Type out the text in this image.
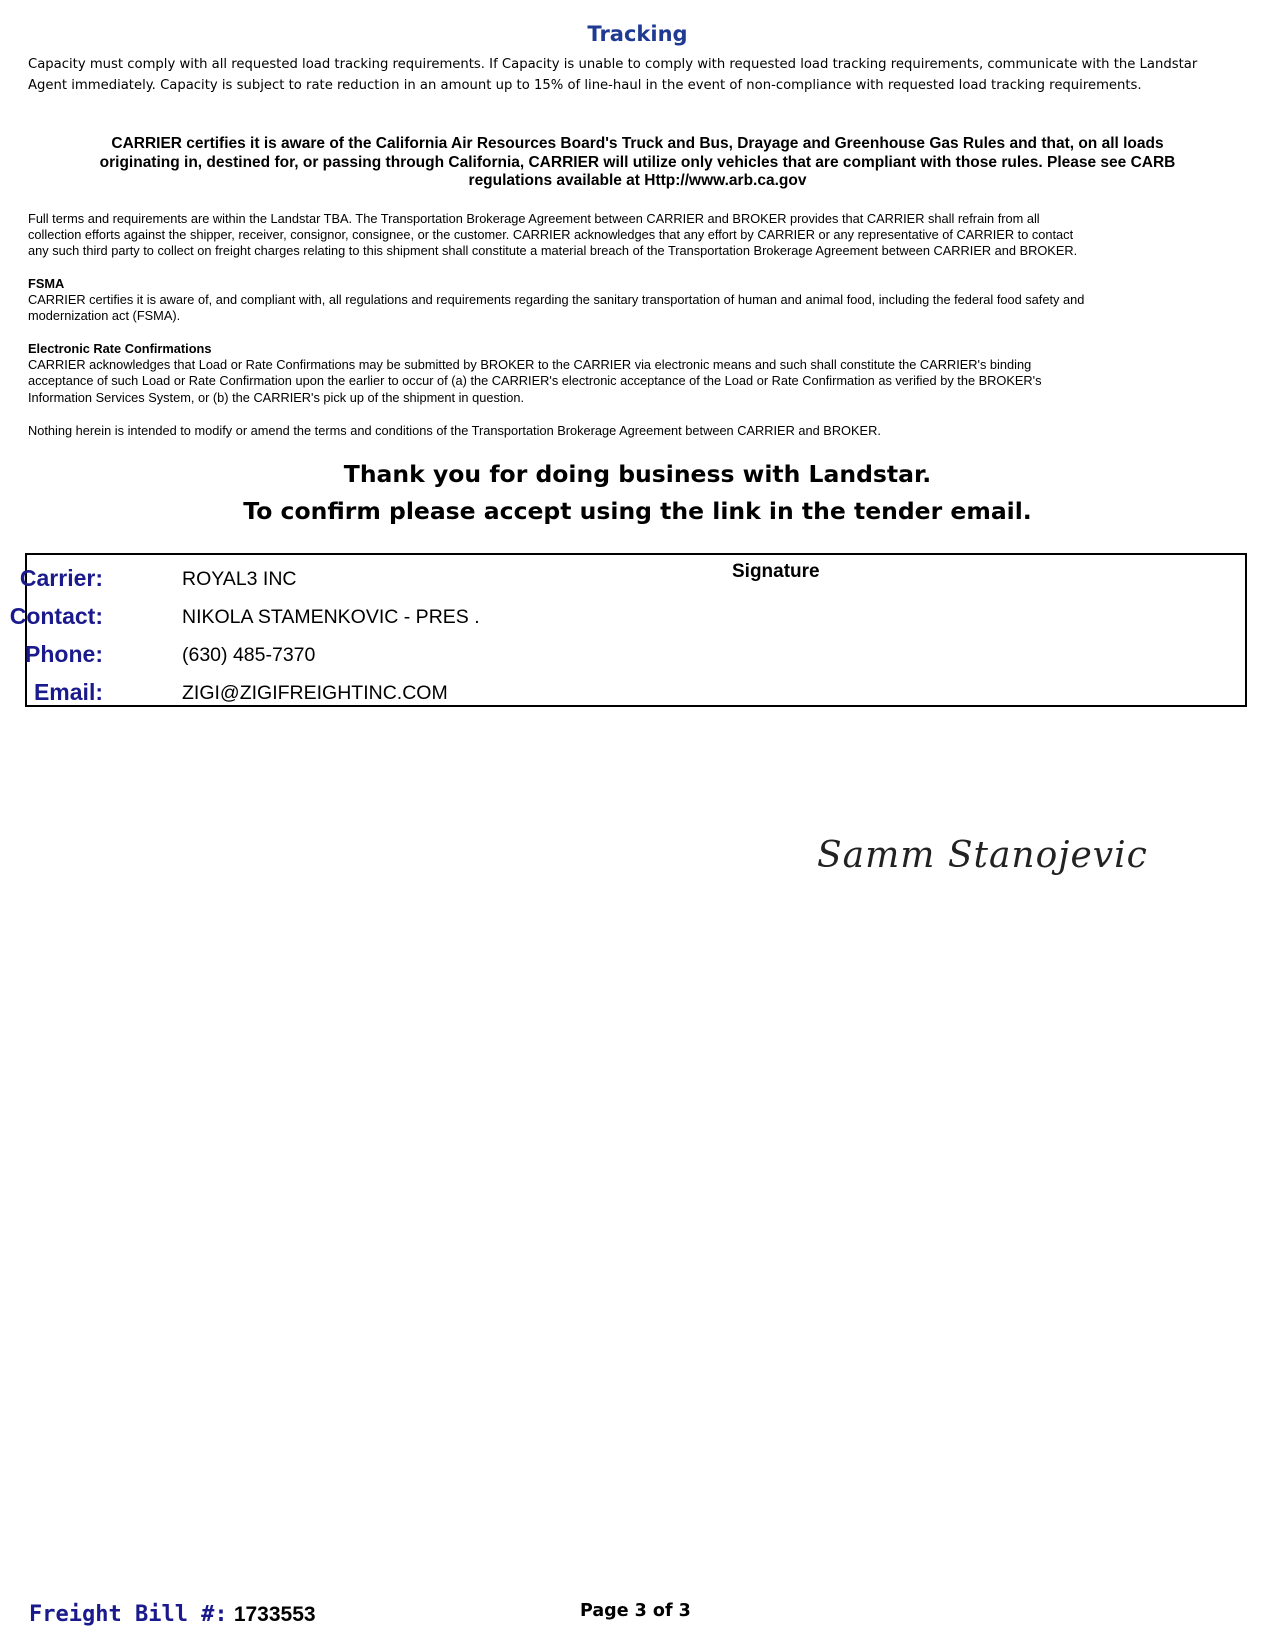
Tracking
Capacity must comply with all requested load tracking requirements. If Capacity is unable to comply with requested load tracking requirements, communicate with the Landstar
Agent immediately. Capacity is subject to rate reduction in an amount up to 15% of line-haul in the event of non-compliance with requested load tracking requirements.
CARRIER certifies it is aware of the California Air Resources Board's Truck and Bus, Drayage and Greenhouse Gas Rules and that, on all loads
originating in, destined for, or passing through California, CARRIER will utilize only vehicles that are compliant with those rules. Please see CARB
regulations available at Http://www.arb.ca.gov
Full terms and requirements are within the Landstar TBA. The Transportation Brokerage Agreement between CARRIER and BROKER provides that CARRIER shall refrain from all
collection efforts against the shipper, receiver, consignor, consignee, or the customer. CARRIER acknowledges that any effort by CARRIER or any representative of CARRIER to contact
any such third party to collect on freight charges relating to this shipment shall constitute a material breach of the Transportation Brokerage Agreement between CARRIER and BROKER.
FSMA
CARRIER certifies it is aware of, and compliant with, all regulations and requirements regarding the sanitary transportation of human and animal food, including the federal food safety and
modernization act (FSMA).
Electronic Rate Confirmations
CARRIER acknowledges that Load or Rate Confirmations may be submitted by BROKER to the CARRIER via electronic means and such shall constitute the CARRIER's binding
acceptance of such Load or Rate Confirmation upon the earlier to occur of (a) the CARRIER's electronic acceptance of the Load or Rate Confirmation as verified by the BROKER's
Information Services System, or (b) the CARRIER's pick up of the shipment in question.
Nothing herein is intended to modify or amend the terms and conditions of the Transportation Brokerage Agreement between CARRIER and BROKER.
Thank you for doing business with Landstar.
To confirm please accept using the link in the tender email.
Carrier:	ROYAL3 INC
Contact:	NIKOLA STAMENKOVIC - PRES .
Phone:	(630) 485-7370
Email:	ZIGI@ZIGIFREIGHTINC.COM
Signature
Samm Stanojevic
Freight Bill #: 1733553	Page 3 of 3
